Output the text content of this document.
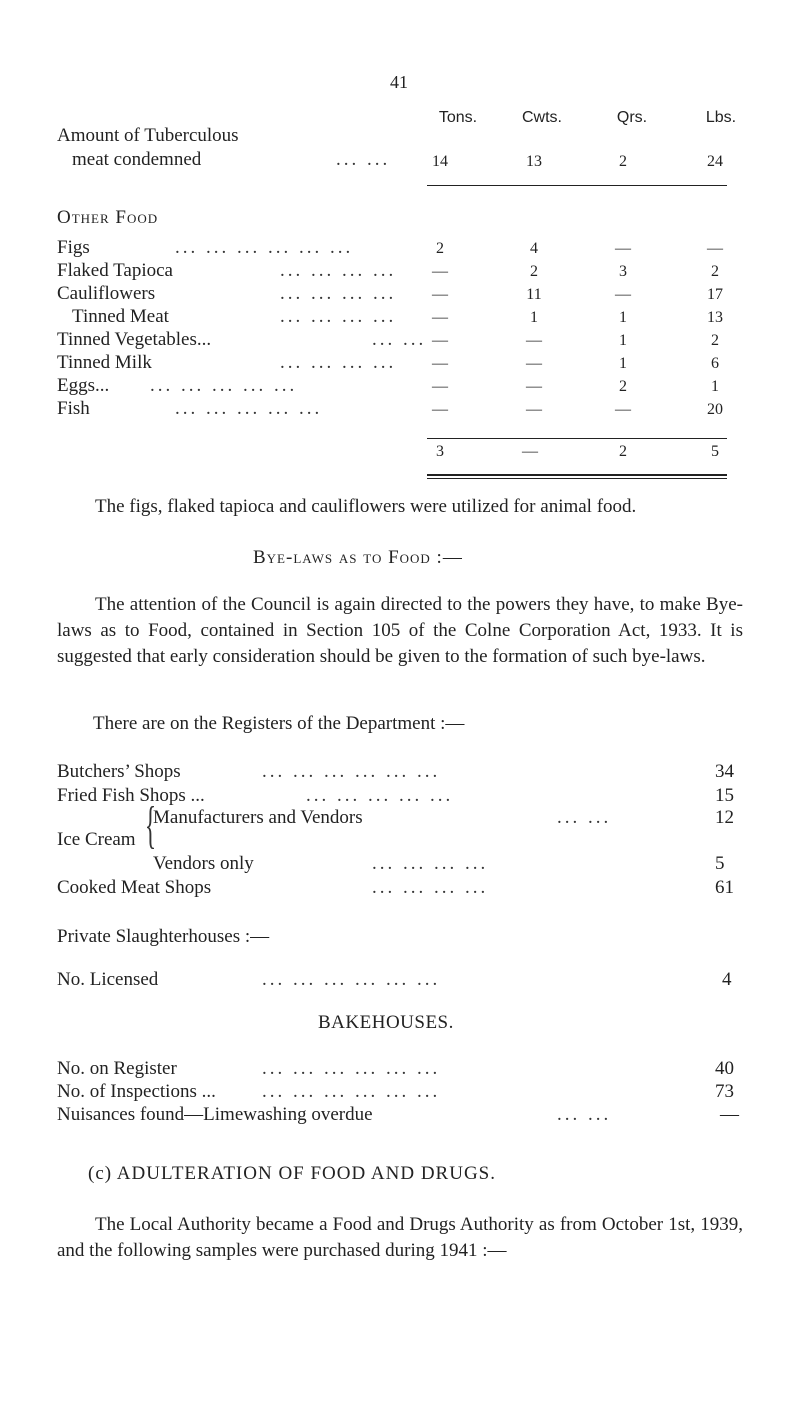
41
Tons.	Cwts.	Qrs.	Lbs.
Amount of Tuberculous
meat condemned	... ...	14	13	2	24
Other Food
Figs	... ... ... ... ... ...	2	4	—	—
Flaked Tapioca	... ... ... ...	—	2	3	2
Cauliflowers	... ... ... ...	—	11	—	17
Tinned Meat	... ... ... ...	—	1	1	13
Tinned Vegetables...	... ... —	—	1	2
Tinned Milk	... ... ... ...	—	—	1	6
Eggs... ... ... ... ... ...	—	—	2	1
Fish	... ... ... ... ...	—	—	—	20
3	—	2	5
The figs, flaked tapioca and cauliflowers were utilized for animal food.
Bye-laws as to Food :—
The attention of the Council is again directed to the powers they have, to make Bye-laws as to Food, contained in Section 105 of the Colne Corporation Act, 1933. It is suggested that early consideration should be given to the formation of such bye-laws.
There are on the Registers of the Department :—
Butchers’ Shops	... ... ... ... ... ...	34
Fried Fish Shops ...	... ... ... ... ...	15
{
Manufacturers and Vendors	... ...	12
Ice Cream
Vendors only	... ... ... ...	5
Cooked Meat Shops	... ... ... ...	61
Private Slaughterhouses :—
No. Licensed	... ... ... ... ... ...	4
BAKEHOUSES.
No. on Register	... ... ... ... ... ...	40
No. of Inspections ... ... ... ... ... ... ...	73
Nuisances found—Limewashing overdue	... ...	—
(c) ADULTERATION OF FOOD AND DRUGS.
The Local Authority became a Food and Drugs Authority as from October 1st, 1939, and the following samples were purchased during 1941 :—
